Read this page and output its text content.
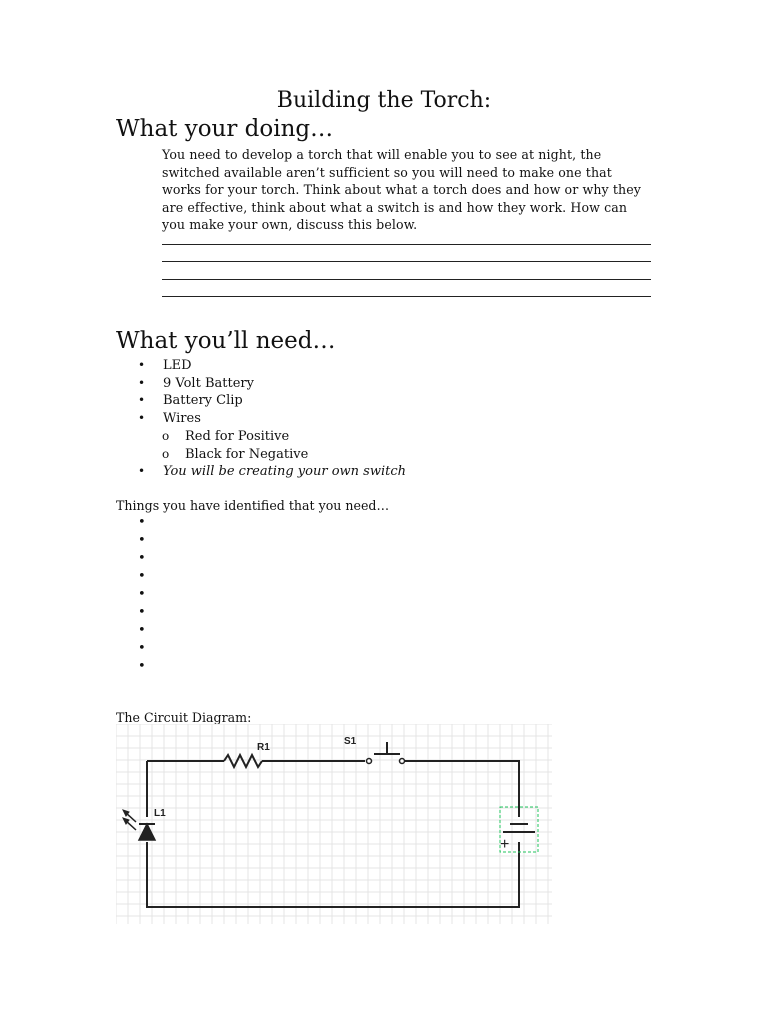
Building the Torch:
What your doing…
You need to develop a torch that will enable you to see at night, the
switched available aren’t sufficient so you will need to make one that
works for your torch. Think about what a torch does and how or why they
are effective, think about what a switch is and how they work. How can
you make your own, discuss this below.
What you’ll need…
• LED
• 9 Volt Battery
• Battery Clip
• Wires
o Red for Positive
o Black for Negative
• You will be creating your own switch
Things you have identified that you need…
•
•
•
•
•
•
•
•
•
The Circuit Diagram:
R1
S1
L1
+
